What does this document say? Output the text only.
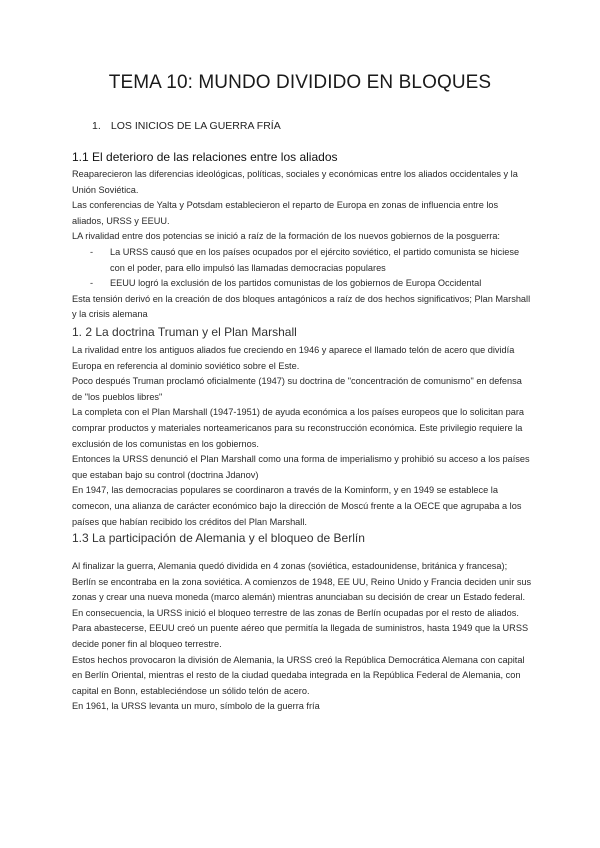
TEMA 10: MUNDO DIVIDIDO EN BLOQUES
1. LOS INICIOS DE LA GUERRA FRÍA
1.1 El deterioro de las relaciones entre los aliados

Reaparecieron las diferencias ideológicas, políticas, sociales y económicas entre los aliados occidentales y la Unión Soviética.

Las conferencias de Yalta y Potsdam establecieron el reparto de Europa en zonas de influencia entre los aliados, URSS y EEUU.

LA rivalidad entre dos potencias se inició a raíz de la formación de los nuevos gobiernos de la posguerra:

- La URSS causó que en los países ocupados por el ejército soviético, el partido comunista se hiciese con el poder, para ello impulsó las llamadas democracias populares
- EEUU logró la exclusión de los partidos comunistas de los gobiernos de Europa Occidental

Esta tensión derivó en la creación de dos bloques antagónicos a raíz de dos hechos significativos; Plan Marshall y la crisis alemana

1. 2 La doctrina Truman y el Plan Marshall

La rivalidad entre los antiguos aliados fue creciendo en 1946 y aparece el llamado telón de acero que dividía Europa en referencia al dominio soviético sobre el Este.

Poco después Truman proclamó oficialmente (1947) su doctrina de "concentración de comunismo" en defensa de "los pueblos libres"

La completa con el Plan Marshall (1947-1951) de ayuda económica a los países europeos que lo solicitan para comprar productos y materiales norteamericanos para su reconstrucción económica. Este privilegio requiere la exclusión de los comunistas en los gobiernos.

Entonces la URSS denunció el Plan Marshall como una forma de imperialismo y prohibió su acceso a los países que estaban bajo su control (doctrina Jdanov)

En 1947, las democracias populares se coordinaron a través de la Kominform, y en 1949 se establece la comecon, una alianza de carácter económico bajo la dirección de Moscú frente a la OECE que agrupaba a los países que habían recibido los créditos del Plan Marshall.

1.3 La participación de Alemania y el bloqueo de Berlín

Al finalizar la guerra, Alemania quedó dividida en 4 zonas (soviética, estadounidense, británica y francesa); Berlín se encontraba en la zona soviética. A comienzos de 1948, EE UU, Reino Unido y Francia deciden unir sus zonas y crear una nueva moneda (marco alemán) mientras anunciaban su decisión de crear un Estado federal.

En consecuencia, la URSS inició el bloqueo terrestre de las zonas de Berlín ocupadas por el resto de aliados. Para abastecerse, EEUU creó un puente aéreo que permitía la llegada de suministros, hasta 1949 que la URSS decide poner fin al bloqueo terrestre.

Estos hechos provocaron la división de Alemania, la URSS creó la República Democrática Alemana con capital en Berlín Oriental, mientras el resto de la ciudad quedaba integrada en la República Federal de Alemania, con capital en Bonn, estableciéndose un sólido telón de acero.

En 1961, la URSS levanta un muro, símbolo de la guerra fría
